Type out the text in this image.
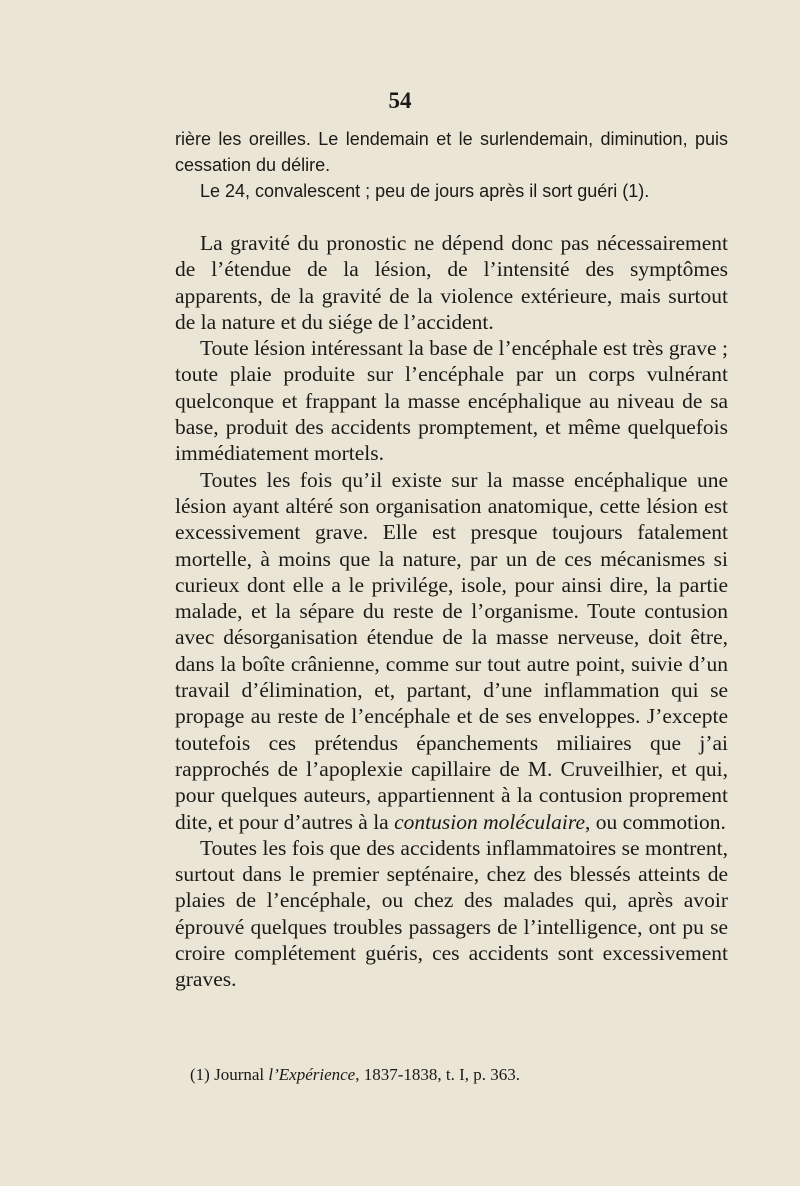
54

rière les oreilles. Le lendemain et le surlendemain, diminution, puis cessation du délire.

Le 24, convalescent ; peu de jours après il sort guéri (1).

La gravité du pronostic ne dépend donc pas nécessairement de l’étendue de la lésion, de l’intensité des symptômes apparents, de la gravité de la violence extérieure, mais surtout de la nature et du siége de l’accident.

Toute lésion intéressant la base de l’encéphale est très grave ; toute plaie produite sur l’encéphale par un corps vulnérant quelconque et frappant la masse encéphalique au niveau de sa base, produit des accidents promptement, et même quelquefois immédiatement mortels.

Toutes les fois qu’il existe sur la masse encéphalique une lésion ayant altéré son organisation anatomique, cette lésion est excessivement grave. Elle est presque toujours fatalement mortelle, à moins que la nature, par un de ces mécanismes si curieux dont elle a le privilége, isole, pour ainsi dire, la partie malade, et la sépare du reste de l’organisme. Toute contusion avec désorganisation étendue de la masse nerveuse, doit être, dans la boîte crânienne, comme sur tout autre point, suivie d’un travail d’élimination, et, partant, d’une inflammation qui se propage au reste de l’encéphale et de ses enveloppes. J’excepte toutefois ces prétendus épanchements miliaires que j’ai rapprochés de l’apoplexie capillaire de M. Cruveilhier, et qui, pour quelques auteurs, appartiennent à la contusion proprement dite, et pour d’autres à la contusion moléculaire, ou commotion.

Toutes les fois que des accidents inflammatoires se montrent, surtout dans le premier septénaire, chez des blessés atteints de plaies de l’encéphale, ou chez des malades qui, après avoir éprouvé quelques troubles passagers de l’intelligence, ont pu se croire complétement guéris, ces accidents sont excessivement graves.

(1) Journal l’Expérience, 1837-1838, t. I, p. 363.
